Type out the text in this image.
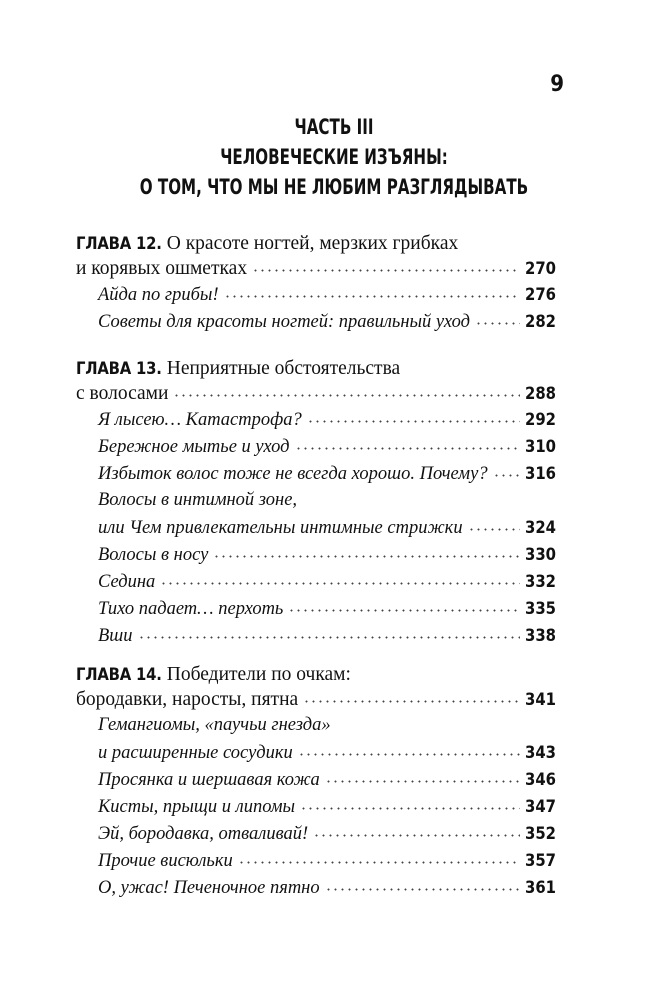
9
ЧАСТЬ III
ЧЕЛОВЕЧЕСКИЕ ИЗЪЯНЫ:
О ТОМ, ЧТО МЫ НЕ ЛЮБИМ РАЗГЛЯДЫВАТЬ
ГЛАВА 12. О красоте ногтей, мерзких грибках
и корявых ошметках	270
Айда по грибы!	276
Советы для красоты ногтей: правильный уход	282
ГЛАВА 13. Неприятные обстоятельства
с волосами	288
Я лысею… Катастрофа?	292
Бережное мытье и уход	310
Избыток волос тоже не всегда хорошо. Почему? 316
Волосы в интимной зоне,
или Чем привлекательны интимные стрижки	324
Волосы в носу	330
Седина	332
Тихо падает… перхоть	335
Вши	338
ГЛАВА 14. Победители по очкам:
бородавки, наросты, пятна	341
Гемангиомы, «паучьи гнезда»
и расширенные сосудики	343
Просянка и шершавая кожа	346
Кисты, прыщи и липомы	347
Эй, бородавка, отваливай!	352
Прочие висюльки	357
О, ужас! Печеночное пятно	361
